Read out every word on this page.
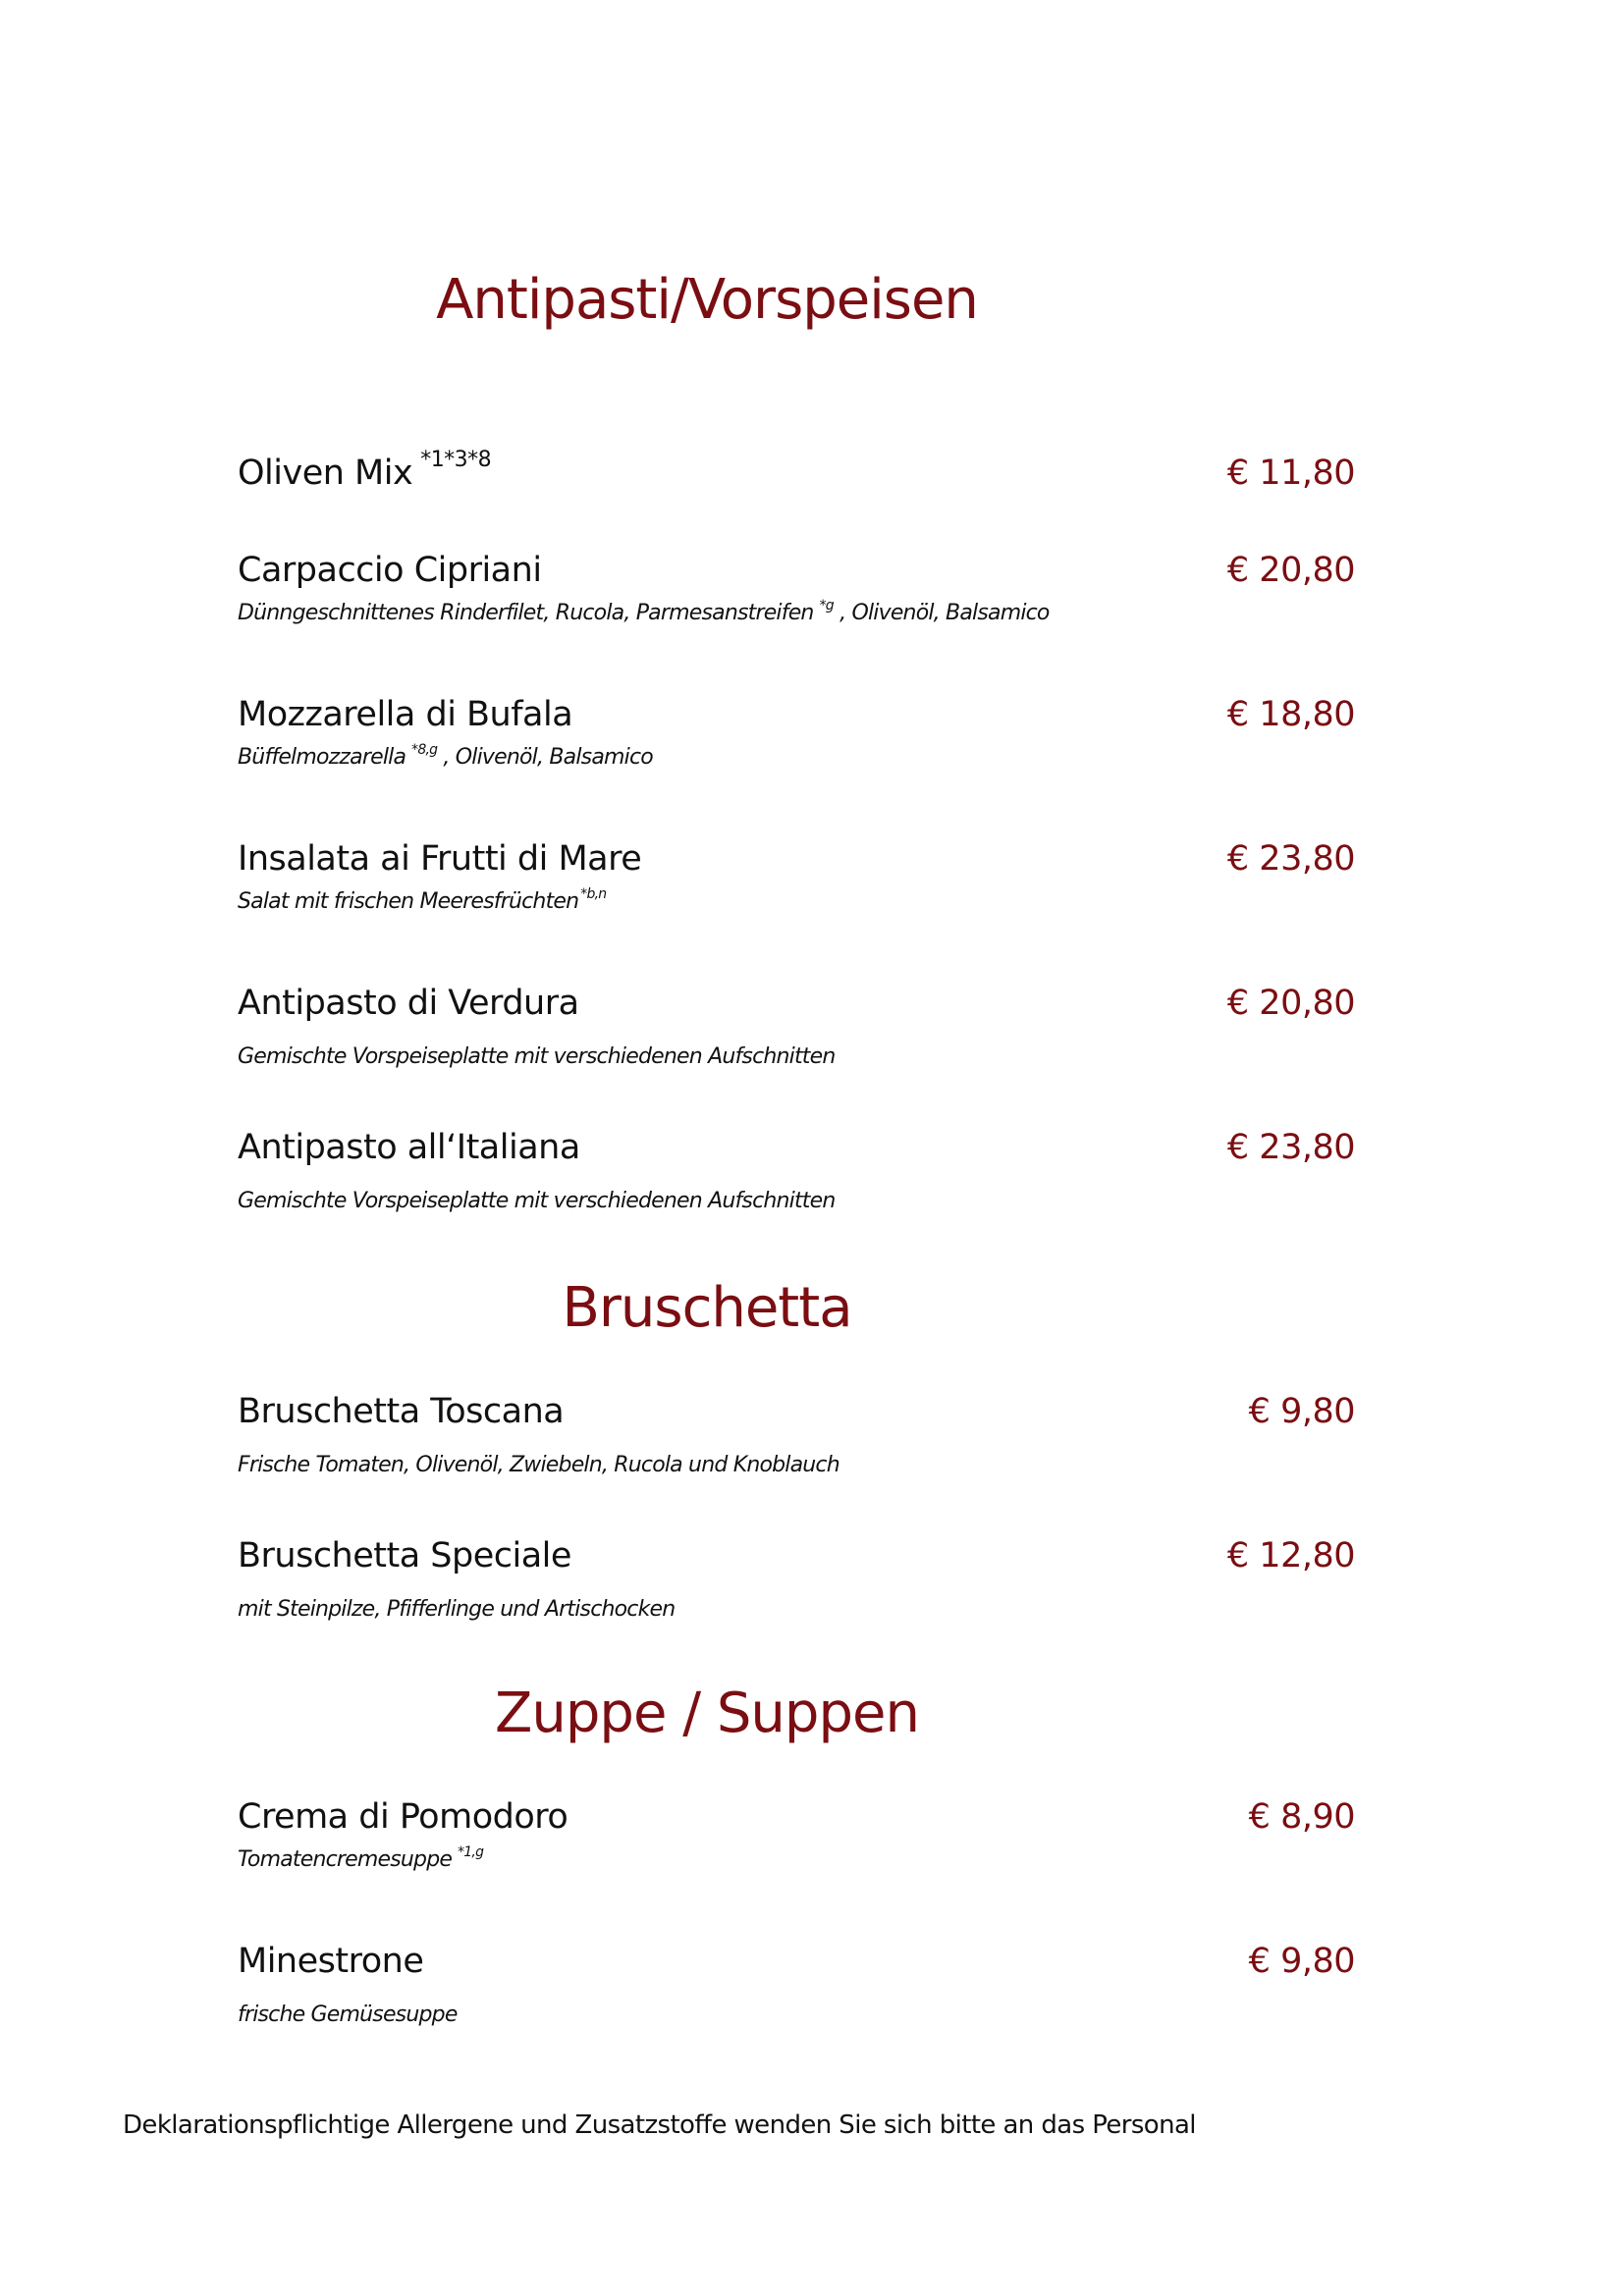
Antipasti/Vorspeisen
Oliven Mix $^{*1*3*8}$	€ 11,80
Carpaccio Cipriani	€ 20,80
Dünngeschnittenes Rinderfilet, Rucola, Parmesanstreifen $^{*g}$ , Olivenöl, Balsamico
Mozzarella di Bufala	€ 18,80
Büffelmozzarella $^{*8,g}$ , Olivenöl, Balsamico
Insalata ai Frutti di Mare	€ 23,80
Salat mit frischen Meeresfrüchten $^{*b,n}$
Antipasto di Verdura	€ 20,80
Gemischte Vorspeiseplatte mit verschiedenen Aufschnitten
Antipasto all‘Italiana	€ 23,80
Gemischte Vorspeiseplatte mit verschiedenen Aufschnitten
Bruschetta
Bruschetta Toscana	€ 9,80
Frische Tomaten, Olivenöl, Zwiebeln, Rucola und Knoblauch
Bruschetta Speciale	€ 12,80
mit Steinpilze, Pfifferlinge und Artischocken
Zuppe / Suppen
Crema di Pomodoro	€ 8,90
Tomatencremesuppe $^{*1,g}$
Minestrone	€ 9,80
frische Gemüsesuppe
Deklarationspflichtige Allergene und Zusatzstoffe wenden Sie sich bitte an das Personal
